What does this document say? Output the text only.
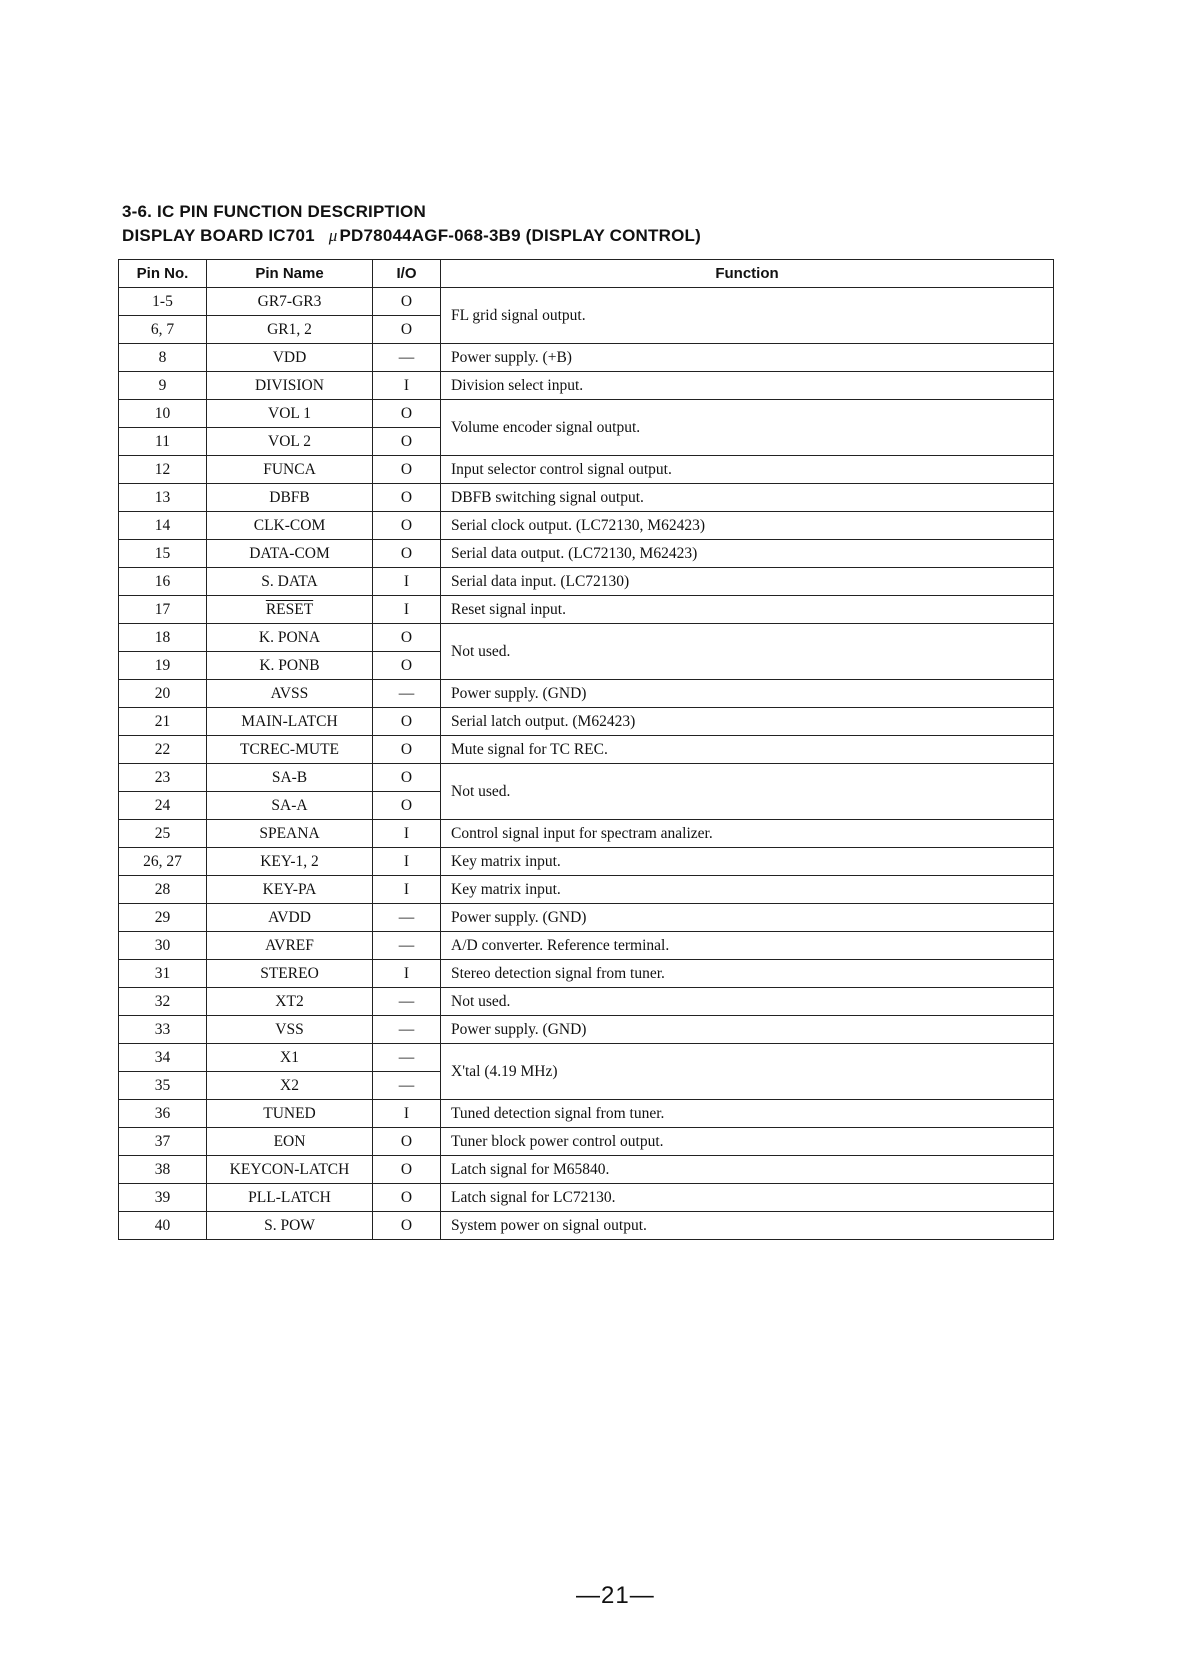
3-6. IC PIN FUNCTION DESCRIPTION
DISPLAY BOARD IC701 μ PD78044AGF-068-3B9 (DISPLAY CONTROL)
Pin No.	Pin Name	I/O	Function
1-5	GR7-GR3	O	FL grid signal output.
6, 7	GR1, 2	O	
8	VDD	—	Power supply. (+B)
9	DIVISION	I	Division select input.
10	VOL 1	O	Volume encoder signal output.
11	VOL 2	O	
12	FUNCA	O	Input selector control signal output.
13	DBFB	O	DBFB switching signal output.
14	CLK-COM	O	Serial clock output. (LC72130, M62423)
15	DATA-COM	O	Serial data output. (LC72130, M62423)
16	S. DATA	I	Serial data input. (LC72130)
17	RESET	I	Reset signal input.
18	K. PONA	O	Not used.
19	K. PONB	O	
20	AVSS	—	Power supply. (GND)
21	MAIN-LATCH	O	Serial latch output. (M62423)
22	TCREC-MUTE	O	Mute signal for TC REC.
23	SA-B	O	Not used.
24	SA-A	O	
25	SPEANA	I	Control signal input for spectram analizer.
26, 27	KEY-1, 2	I	Key matrix input.
28	KEY-PA	I	Key matrix input.
29	AVDD	—	Power supply. (GND)
30	AVREF	—	A/D converter. Reference terminal.
31	STEREO	I	Stereo detection signal from tuner.
32	XT2	—	Not used.
33	VSS	—	Power supply. (GND)
34	X1	—	X'tal (4.19 MHz)
35	X2	—	
36	TUNED	I	Tuned detection signal from tuner.
37	EON	O	Tuner block power control output.
38	KEYCON-LATCH	O	Latch signal for M65840.
39	PLL-LATCH	O	Latch signal for LC72130.
40	S. POW	O	System power on signal output.
—21—
